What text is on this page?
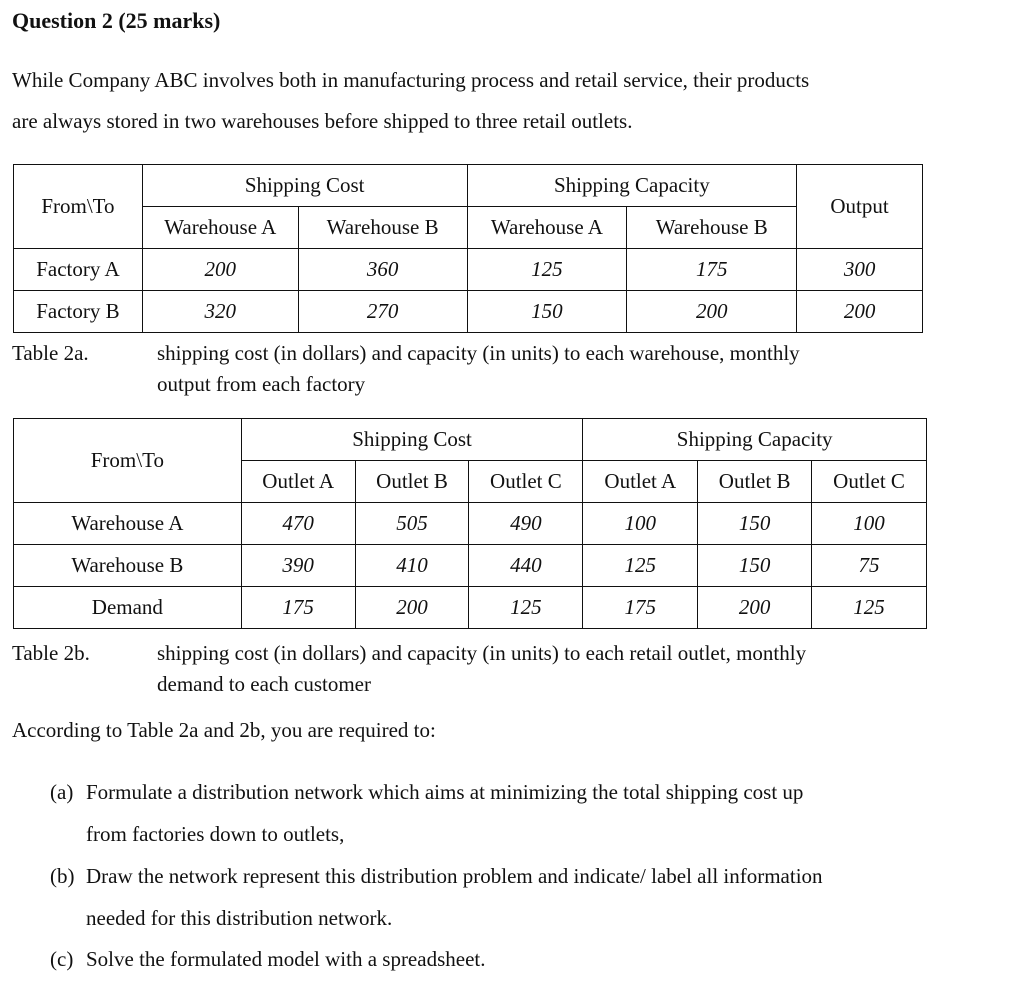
Question 2 (25 marks)
While Company ABC involves both in manufacturing process and retail service, their products
are always stored in two warehouses before shipped to three retail outlets.
From\To	Shipping Cost		Shipping Capacity		Output
	Warehouse A	Warehouse B	Warehouse A	Warehouse B	
Factory A	200	360	125	175	300
Factory B	320	270	150	200	200
Table 2a.	shipping cost (in dollars) and capacity (in units) to each warehouse, monthly
output from each factory
From\To	Shipping Cost			Shipping Capacity		
	Outlet A	Outlet B	Outlet C	Outlet A	Outlet B	Outlet C
Warehouse A	470	505	490	100	150	100
Warehouse B	390	410	440	125	150	75
Demand	175	200	125	175	200	125
Table 2b.	shipping cost (in dollars) and capacity (in units) to each retail outlet, monthly
demand to each customer
According to Table 2a and 2b, you are required to:
(a) Formulate a distribution network which aims at minimizing the total shipping cost up
from factories down to outlets,
(b) Draw the network represent this distribution problem and indicate/ label all information
needed for this distribution network.
(c) Solve the formulated model with a spreadsheet.
